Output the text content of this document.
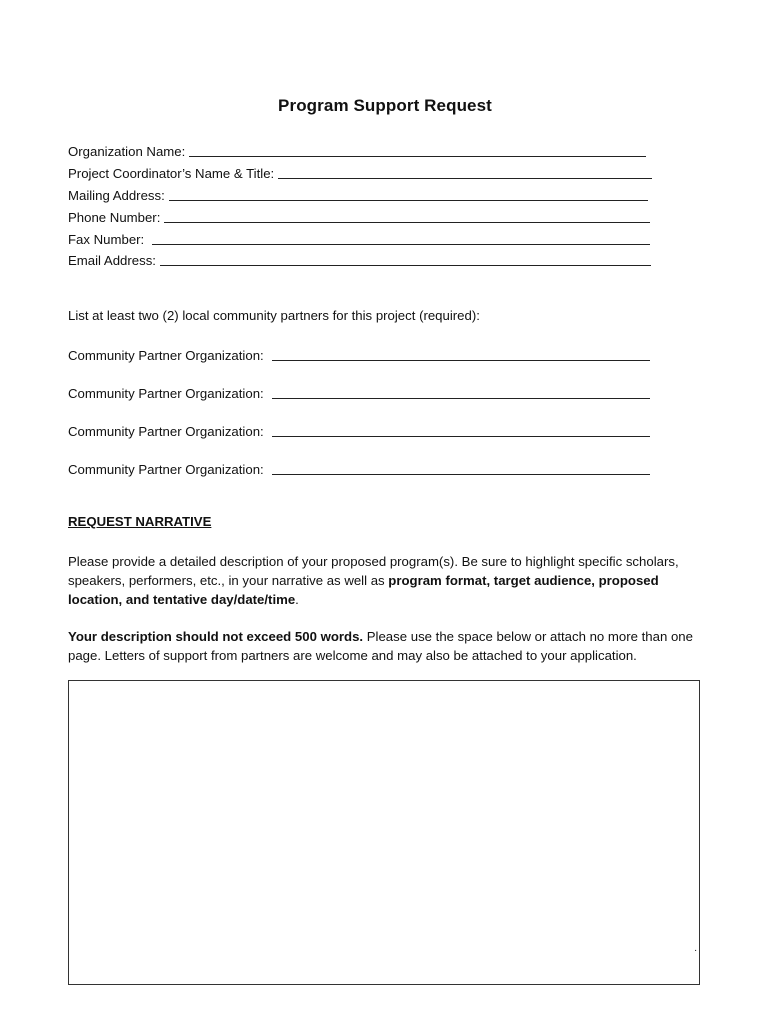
Program Support Request
Organization Name:
Project Coordinator’s Name & Title:
Mailing Address:
Phone Number:
Fax Number:
Email Address:
List at least two (2) local community partners for this project (required):
Community Partner Organization:
Community Partner Organization:
Community Partner Organization:
Community Partner Organization:
REQUEST NARRATIVE
Please provide a detailed description of your proposed program(s). Be sure to highlight specific scholars, speakers, performers, etc., in your narrative as well as program format, target audience, proposed location, and tentative day/date/time.
Your description should not exceed 500 words. Please use the space below or attach no more than one page. Letters of support from partners are welcome and may also be attached to your application.
.
